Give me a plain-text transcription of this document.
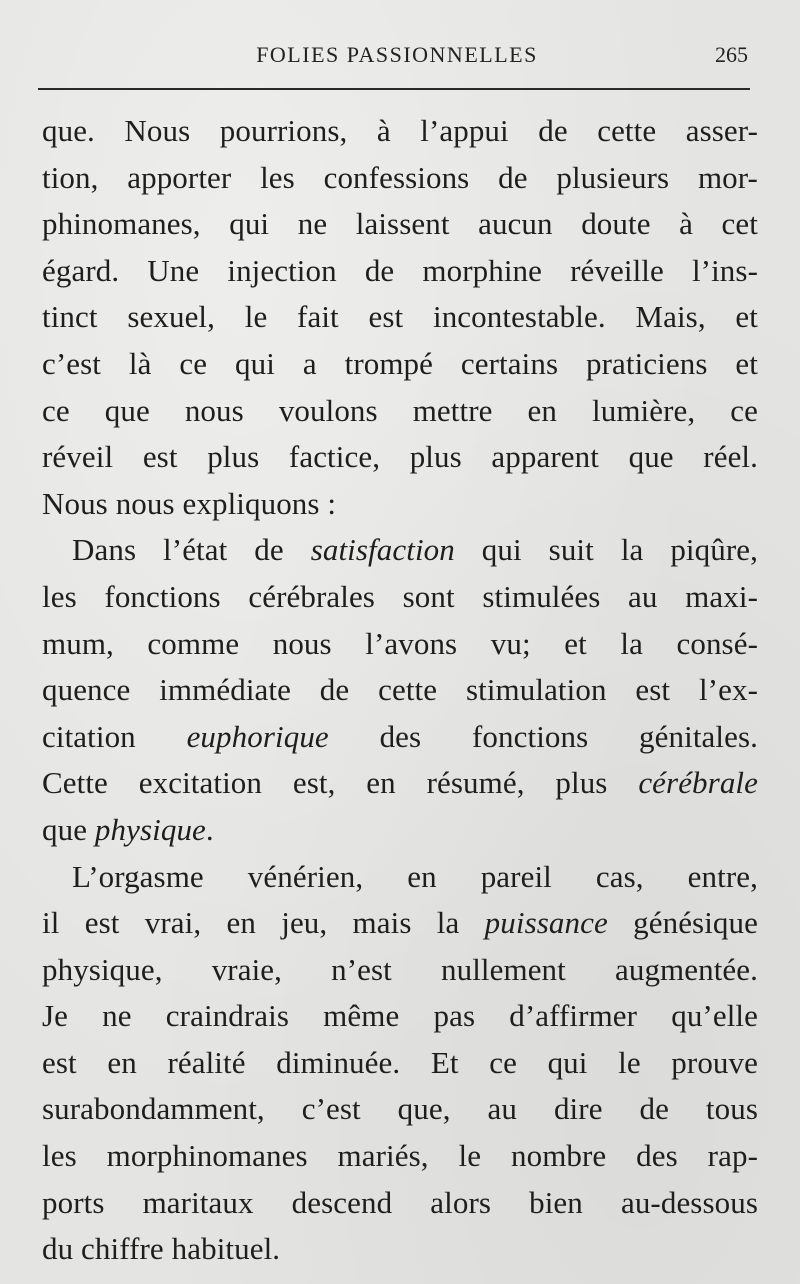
FOLIES PASSIONNELLES	265
que. Nous pourrions, à l’appui de cette asser-
tion, apporter les confessions de plusieurs mor-
phinomanes, qui ne laissent aucun doute à cet
égard. Une injection de morphine réveille l’ins-
tinct sexuel, le fait est incontestable. Mais, et
c’est là ce qui a trompé certains praticiens et
ce que nous voulons mettre en lumière, ce
réveil est plus factice, plus apparent que réel.
Nous nous expliquons :
Dans l’état de satisfaction qui suit la piqûre,
les fonctions cérébrales sont stimulées au maxi-
mum, comme nous l’avons vu; et la consé-
quence immédiate de cette stimulation est l’ex-
citation euphorique des fonctions génitales.
Cette excitation est, en résumé, plus cérébrale
que physique.
L’orgasme vénérien, en pareil cas, entre,
il est vrai, en jeu, mais la puissance génésique
physique, vraie, n’est nullement augmentée.
Je ne craindrais même pas d’affirmer qu’elle
est en réalité diminuée. Et ce qui le prouve
surabondamment, c’est que, au dire de tous
les morphinomanes mariés, le nombre des rap-
ports maritaux descend alors bien au-dessous
du chiffre habituel.
